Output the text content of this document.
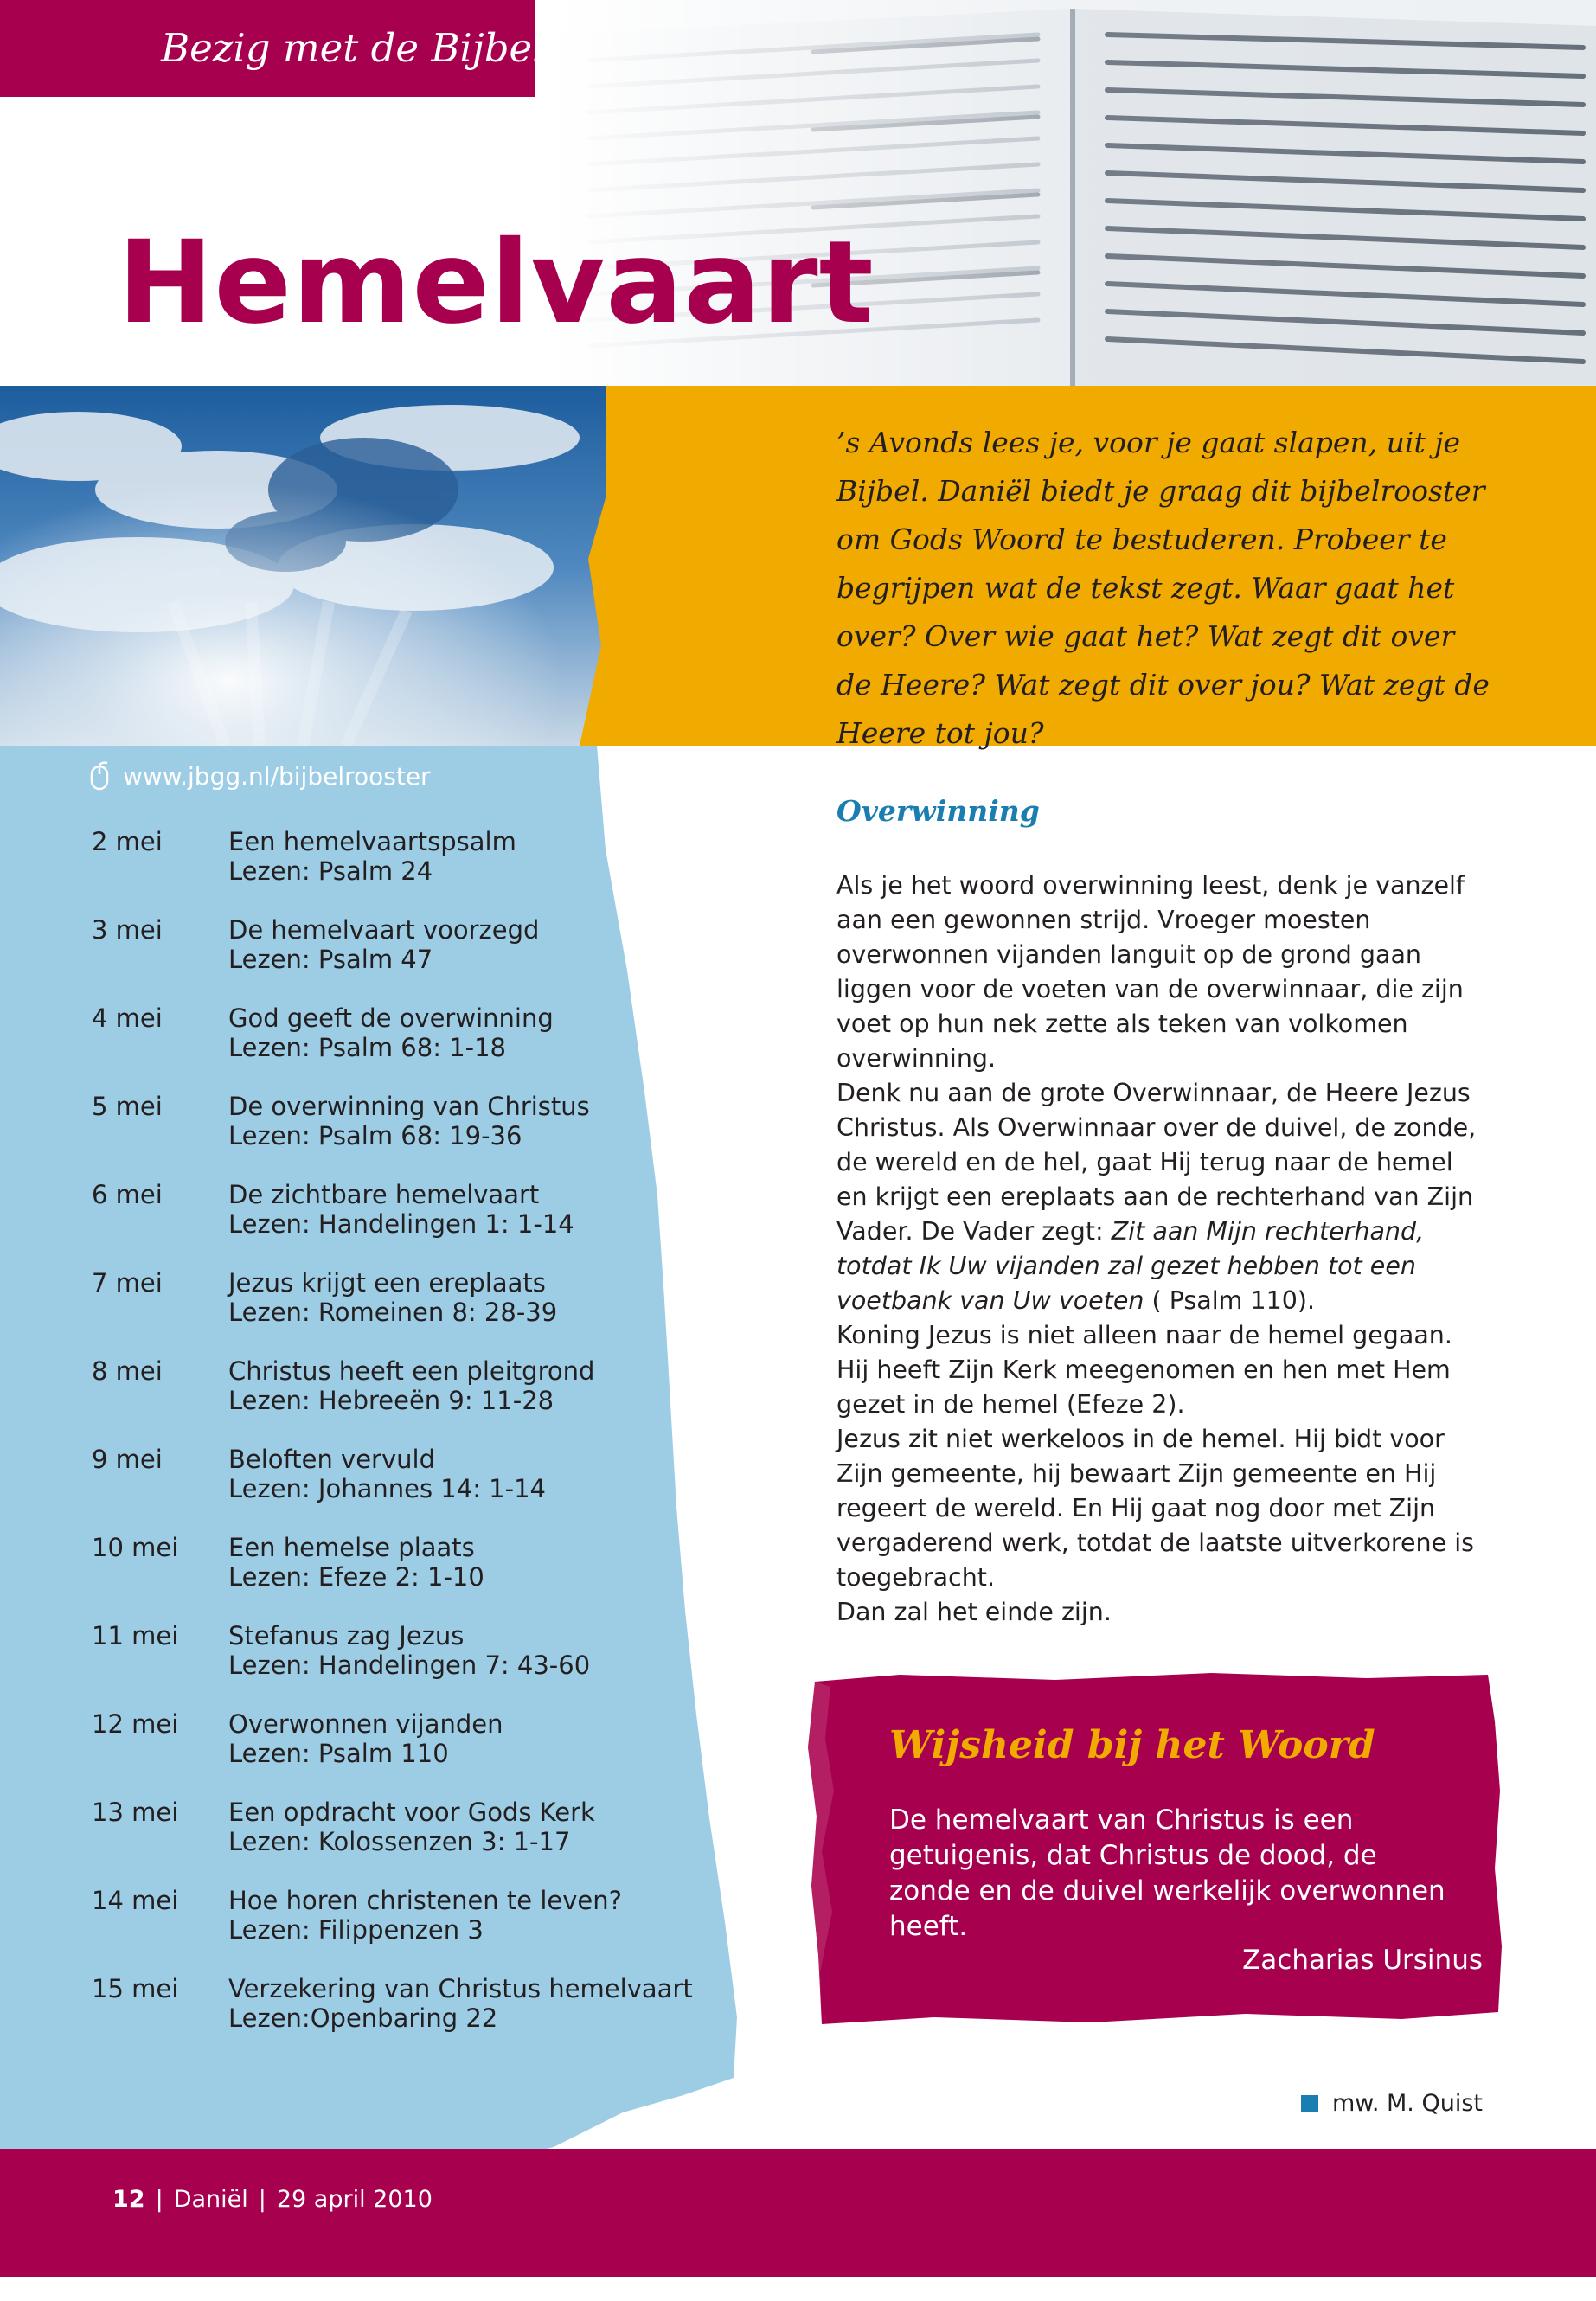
Bezig met de Bijbel
Hemelvaart
’s Avonds lees je, voor je gaat slapen, uit je Bijbel. Daniël biedt je graag dit bijbelrooster om Gods Woord te bestuderen. Probeer te begrijpen wat de tekst zegt. Waar gaat het over? Over wie gaat het? Wat zegt dit over de Heere? Wat zegt dit over jou? Wat zegt de Heere tot jou?
www.jbgg.nl/bijbelrooster
2 mei	Een hemelvaartspsalm
Lezen: Psalm 24
3 mei	De hemelvaart voorzegd
Lezen: Psalm 47
4 mei	God geeft de overwinning
Lezen: Psalm 68: 1-18
5 mei	De overwinning van Christus
Lezen: Psalm 68: 19-36
6 mei	De zichtbare hemelvaart
Lezen: Handelingen 1: 1-14
7 mei	Jezus krijgt een ereplaats
Lezen: Romeinen 8: 28-39
8 mei	Christus heeft een pleitgrond
Lezen: Hebreeën 9: 11-28
9 mei	Beloften vervuld
Lezen: Johannes 14: 1-14
10 mei	Een hemelse plaats
Lezen: Efeze 2: 1-10
11 mei	Stefanus zag Jezus
Lezen: Handelingen 7: 43-60
12 mei	Overwonnen vijanden
Lezen: Psalm 110
13 mei	Een opdracht voor Gods Kerk
Lezen: Kolossenzen 3: 1-17
14 mei	Hoe horen christenen te leven?
Lezen: Filippenzen 3
15 mei	Verzekering van Christus hemelvaart
Lezen:Openbaring 22
Overwinning

Als je het woord overwinning leest, denk je vanzelf aan een gewonnen strijd. Vroeger moesten overwonnen vijanden languit op de grond gaan liggen voor de voeten van de overwinnaar, die zijn voet op hun nek zette als teken van volkomen overwinning.

Denk nu aan de grote Overwinnaar, de Heere Jezus Christus. Als Overwinnaar over de duivel, de zonde, de wereld en de hel, gaat Hij terug naar de hemel en krijgt een ereplaats aan de rechterhand van Zijn Vader. De Vader zegt: Zit aan Mijn rechterhand, totdat Ik Uw vijanden zal gezet hebben tot een voetbank van Uw voeten ( Psalm 110).

Koning Jezus is niet alleen naar de hemel gegaan. Hij heeft Zijn Kerk meegenomen en hen met Hem gezet in de hemel (Efeze 2).

Jezus zit niet werkeloos in de hemel. Hij bidt voor Zijn gemeente, hij bewaart Zijn gemeente en Hij regeert de wereld. En Hij gaat nog door met Zijn vergaderend werk, totdat de laatste uitverkorene is toegebracht.

Dan zal het einde zijn.

Wijsheid bij het Woord
De hemelvaart van Christus is een getuigenis, dat Christus de dood, de zonde en de duivel werkelijk overwonnen heeft.
Zacharias Ursinus
mw. M. Quist
12 | Daniël | 29 april 2010
